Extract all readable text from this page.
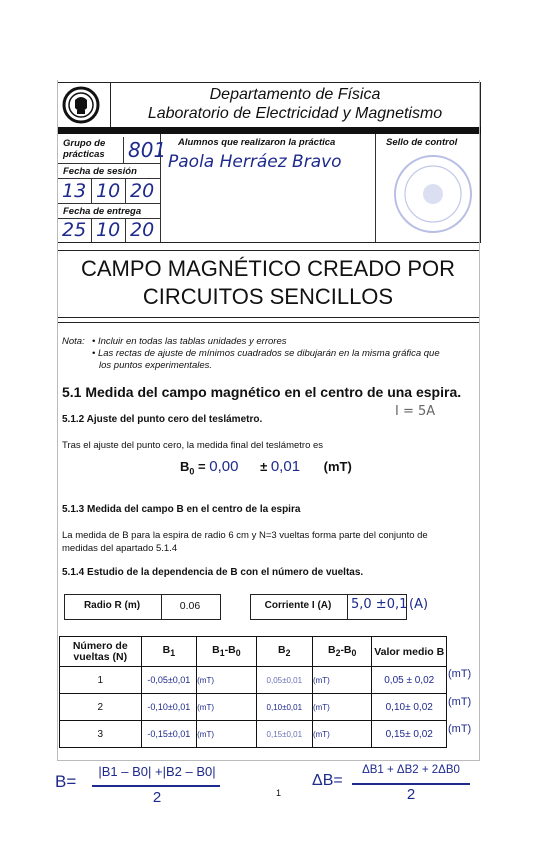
Departamento de Física
Laboratorio de Electricidad y Magnetismo
Grupo de
prácticas	801
Fecha de sesión
13 10 20
Fecha de entrega
25 10 20
Alumnos que realizaron la práctica
Paola Herráez Bravo
Sello de control
CAMPO MAGNÉTICO CREADO POR
CIRCUITOS SENCILLOS
Nota: • Incluir en todas las tablas unidades y errores
• Las rectas de ajuste de mínimos cuadrados se dibujarán en la misma gráfica que
los puntos experimentales.
5.1 Medida del campo magnético en el centro de una espira.
I = 5A
5.1.2 Ajuste del punto cero del teslámetro.
Tras el ajuste del punto cero, la medida final del teslámetro es
$B_0 = 0,00 \pm 0,01$ (mT)
5.1.3 Medida del campo B en el centro de la espira
La medida de B para la espira de radio 6 cm y N=3 vueltas forma parte del conjunto de
medidas del apartado 5.1.4
5.1.4 Estudio de la dependencia de B con el número de vueltas.
Radio R (m)	0.06	Corriente I (A)	5,0 ±0,1 (A)
Número de vueltas (N)	$B_1$	$B_1-B_0$	$B_2$	$B_2-B_0$	Valor medio B
1	-0,05±0,01	(mT)	0,05±0,01	(mT)	0,05 ± 0,02
2	-0,10±0,01	(mT)	0,10±0,01	(mT)	0,10± 0,02
3	-0,15±0,01	(mT)	0,15±0,01	(mT)	0,15± 0,02
(mT)
(mT)
(mT)
B=
|B1 – B0| +|B2 – B0|
2	1
ΔB=
ΔB1 + ΔB2 + 2ΔB0
2
